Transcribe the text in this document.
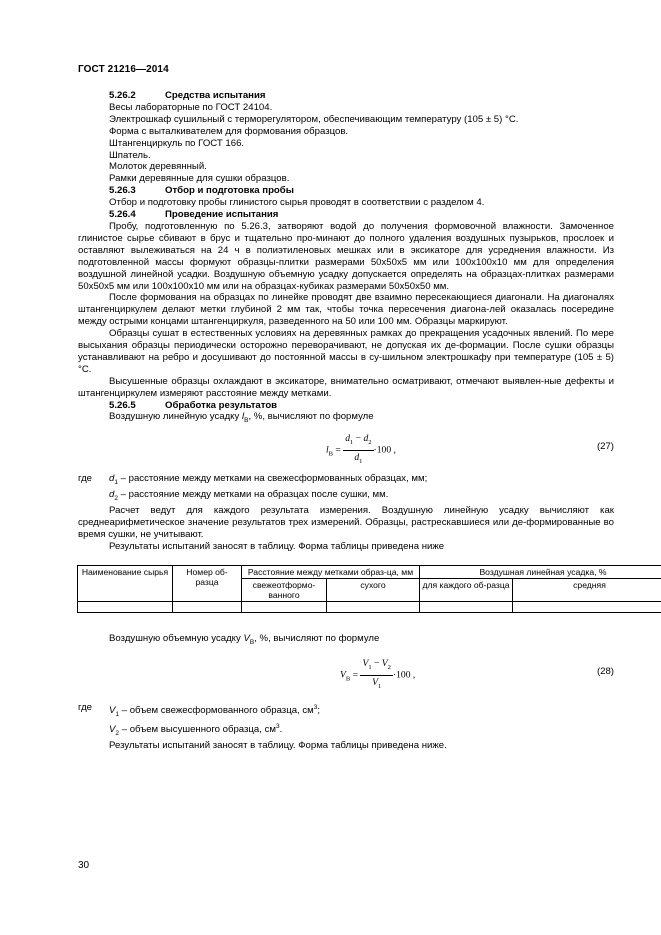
ГОСТ 21216—2014

5.26.2	Средства испытания

Весы лабораторные по ГОСТ 24104.

Электрошкаф сушильный с терморегулятором, обеспечивающим температуру (105 ± 5) °С.

Форма с выталкивателем для формования образцов.

Штангенциркуль по ГОСТ 166.

Шпатель.

Молоток деревянный.

Рамки деревянные для сушки образцов.

5.26.3	Отбор и подготовка пробы

Отбор и подготовку пробы глинистого сырья проводят в соответствии с разделом 4.

5.26.4	Проведение испытания

Пробу, подготовленную по 5.26.3, затворяют водой до получения формовочной влажности. Замоченное глинистое сырье сбивают в брус и тщательно про-минают до полного удаления воздушных пузырьков, прослоек и оставляют вылеживаться на 24 ч в полиэтиленовых мешках или в эксикаторе для усреднения влажности. Из подготовленной массы формуют образцы-плитки размерами 50х50х5 мм или 100х100х10 мм для определения воздушной линейной усадки. Воздушную объемную усадку допускается определять на образцах-плитках размерами 50х50х5 мм или 100х100х10 мм или на образцах-кубиках размерами 50х50х50 мм.

После формования на образцах по линейке проводят две взаимно пересекающиеся диагонали. На диагоналях штангенциркулем делают метки глубиной 2 мм так, чтобы точка пересечения диагона-лей оказалась посередине между острыми концами штангенциркуля, разведенного на 50 или 100 мм. Образцы маркируют.

Образцы сушат в естественных условиях на деревянных рамках до прекращения усадочных явлений. По мере высыхания образцы периодически осторожно переворачивают, не допуская их де-формации. После сушки образцы устанавливают на ребро и досушивают до постоянной массы в су-шильном электрошкафу при температуре (105 ± 5) °С.

Высушенные образцы охлаждают в эксикаторе, внимательно осматривают, отмечают выявлен-ные дефекты и штангенциркулем измеряют расстояние между метками.

5.26.5	Обработка результатов

Воздушную линейную усадку $l_В$, %, вычисляют по формуле

$l_В = \frac{d_1 - d_2}{d_1} \cdot 100$ ,	(27)

где $d_1$ – расстояние между метками на свежесформованных образцах, мм;

$d_2$ – расстояние между метками на образцах после сушки, мм.

Расчет ведут для каждого результата измерения. Воздушную линейную усадку вычисляют как среднеарифметическое значение результатов трех измерений. Образцы, растрескавшиеся или де-формированные во время сушки, не учитывают.

Результаты испытаний заносят в таблицу. Форма таблицы приведена ниже

Наименование сырья	Номер об-разца	Расстояние между метками образ-ца, мм		Воздушная линейная усадка, %	
		свежеотформо-ванного	сухого	для каждого об-разца	средняя

Воздушную объемную усадку $V_В$, %, вычисляют по формуле

$V_В = \frac{V_1 - V_2}{V_1} \cdot 100$ ,	(28)

где $V_1$ – объем свежесформованного образца, $см^3$;

$V_2$ – объем высушенного образца, $см^3$.

Результаты испытаний заносят в таблицу. Форма таблицы приведена ниже.

30
